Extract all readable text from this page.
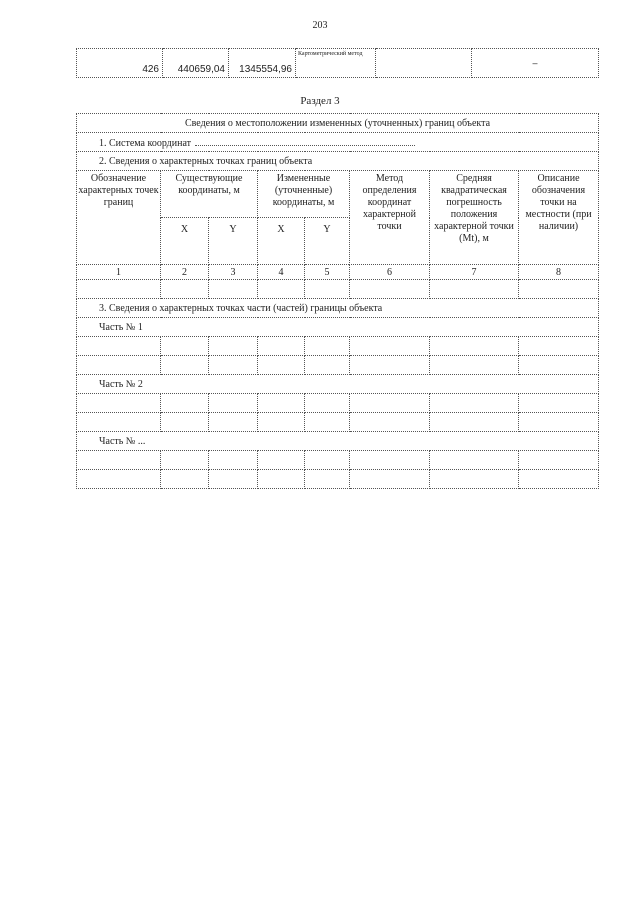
203
426	440659,04	1345554,96	Картометрический метод		–
Раздел 3
Сведения о местоположении измененных (уточненных) границ объекта							
1. Система координат							
2. Сведения о характерных точках границ объекта							
Обозначение характерных точек границ	Существующие координаты, м		Измененные (уточненные) координаты, м		Метод определения координат характерной точки	Средняя квадратическая погрешность положения характерной точки (Mt), м	Описание обозначения точки на местности (при наличии)
	X	Y	X	Y			
1	2	3	4	5	6	7	8

3. Сведения о характерных точках части (частей) границы объекта							
Часть № 1							

Часть № 2							

Часть № ...							
